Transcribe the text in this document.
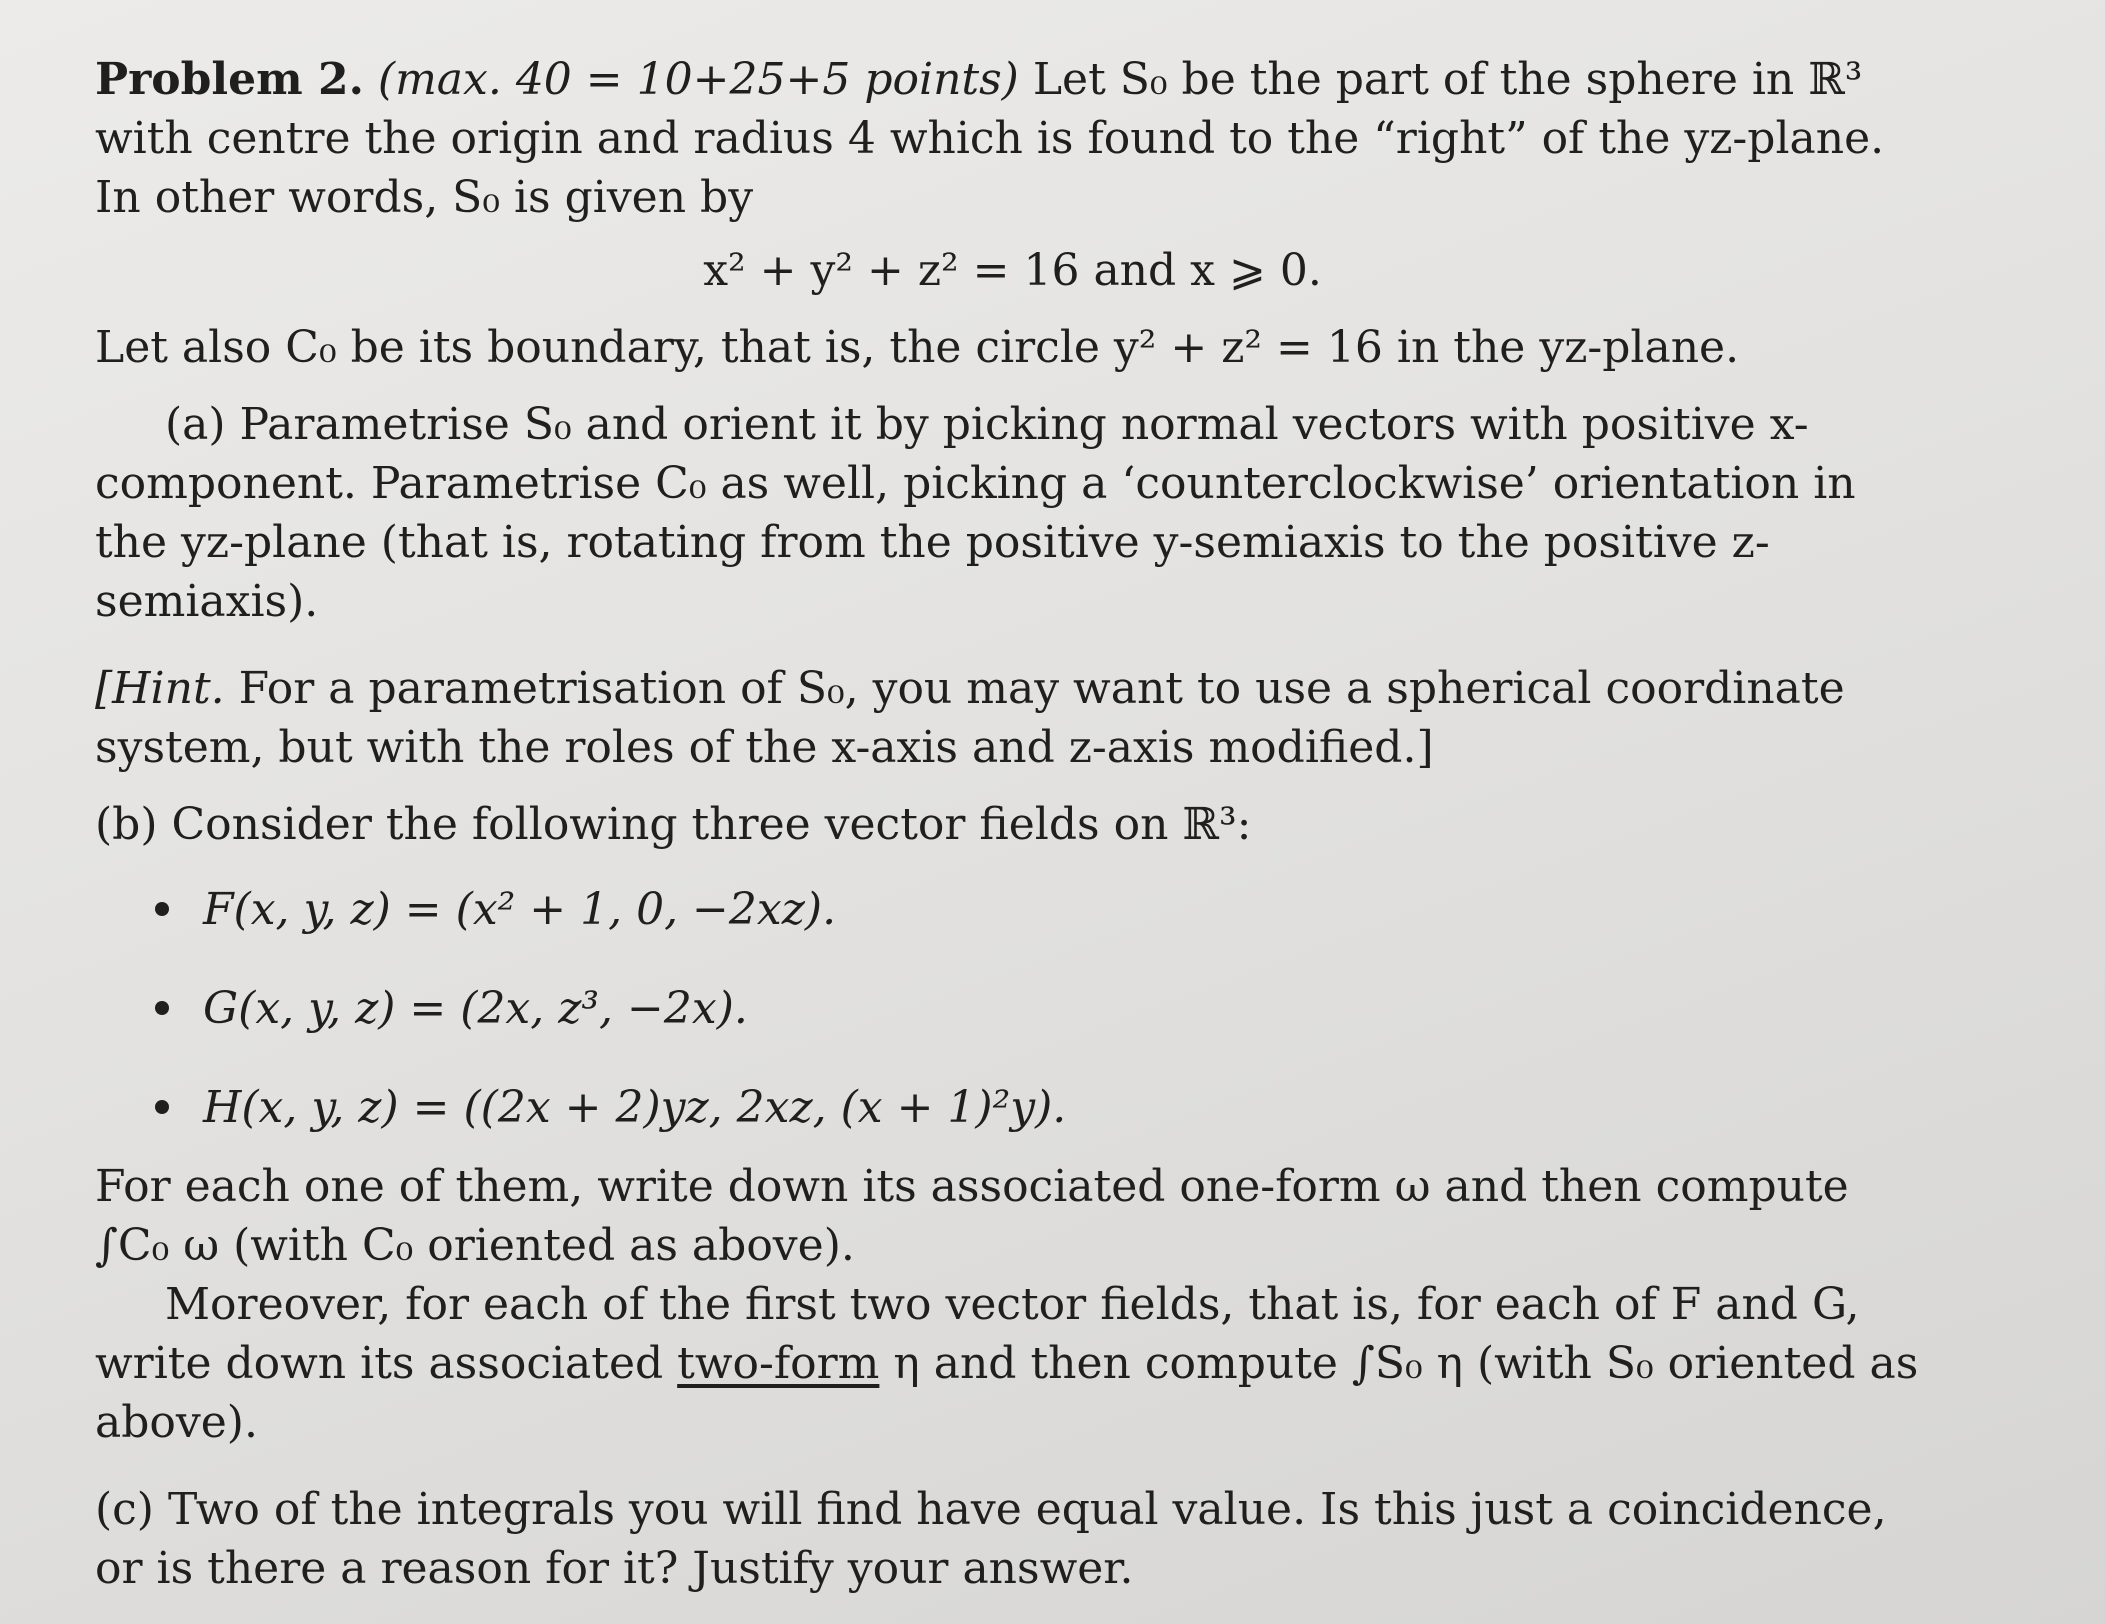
Problem 2. (max. 40 = 10+25+5 points) Let S₀ be the part of the sphere in ℝ³ with centre the origin and radius 4 which is found to the “right” of the yz-plane. In other words, S₀ is given by

x² + y² + z² = 16 and x ⩾ 0.

Let also C₀ be its boundary, that is, the circle y² + z² = 16 in the yz-plane.

(a) Parametrise S₀ and orient it by picking normal vectors with positive x-component. Parametrise C₀ as well, picking a ‘counterclockwise’ orientation in the yz-plane (that is, rotating from the positive y-semiaxis to the positive z-semiaxis).

[Hint. For a parametrisation of S₀, you may want to use a spherical coordinate system, but with the roles of the x-axis and z-axis modified.]

(b) Consider the following three vector fields on ℝ³:

F(x, y, z) = (x² + 1, 0, −2xz).
G(x, y, z) = (2x, z³, −2x).
H(x, y, z) = ((2x + 2)yz, 2xz, (x + 1)²y).

For each one of them, write down its associated one-form ω and then compute ∫C₀ ω (with C₀ oriented as above).

Moreover, for each of the first two vector fields, that is, for each of F and G, write down its associated two-form η and then compute ∫S₀ η (with S₀ oriented as above).

(c) Two of the integrals you will find have equal value. Is this just a coincidence, or is there a reason for it? Justify your answer.
